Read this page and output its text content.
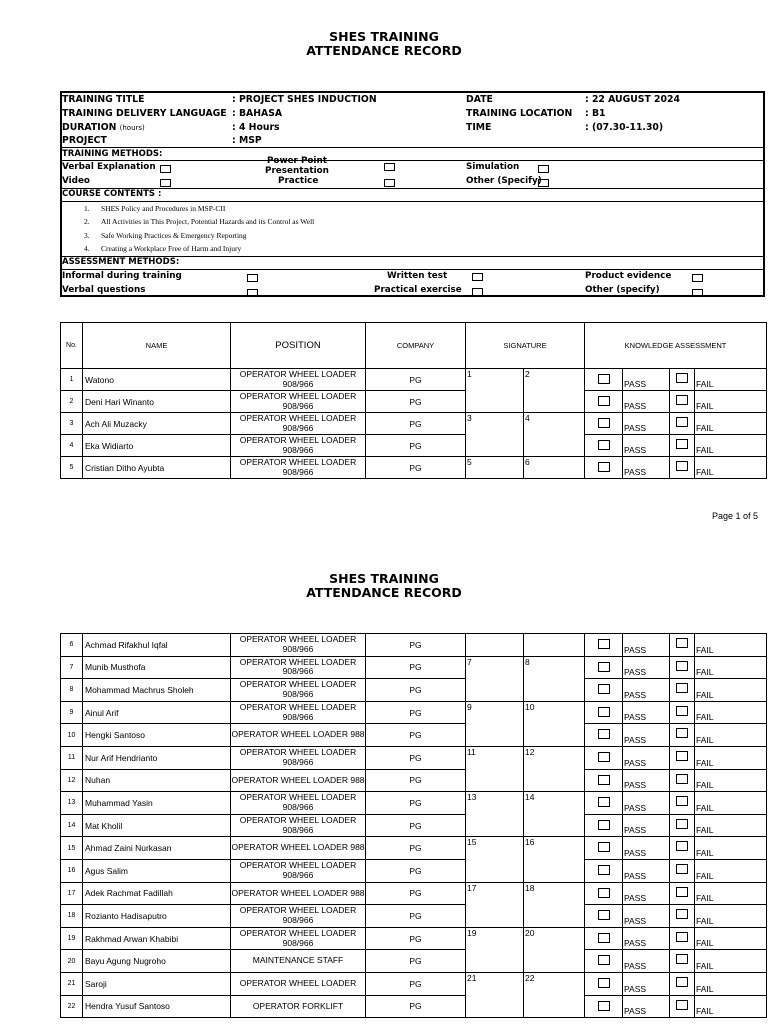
SHES TRAINING
ATTENDANCE RECORD
TRAINING TITLE	: PROJECT SHES INDUCTION	DATE	: 22 AUGUST 2024
TRAINING DELIVERY LANGUAGE : BAHASA	TRAINING LOCATION : B1
DURATION (hours)	: 4 Hours	TIME	: (07.30-11.30)
PROJECT	: MSP
TRAINING METHODS:
Verbal Explanation
Video
Power Point
Presentation
Practice
Simulation
Other (Specify)
COURSE CONTENTS :
1. SHES Policy and Procedures in MSP-CII
2. All Activities in This Project, Potential Hazards and its Control as Well
3. Safe Working Practices & Emergency Reporting
4. Creating a Workplace Free of Harm and Injury
ASSESSMENT METHODS:
Informal during training
Verbal questions
Written test
Practical exercise
Product evidence
Other (specify)
No.	NAME	POSITION	COMPANY	SIGNATURE		KNOWLEDGE ASSESSMENT			
1	Watono	OPERATOR WHEEL LOADER
908/966	PG	1	2		PASS		FAIL
2	Deni Hari Winanto	OPERATOR WHEEL LOADER
908/966	PG				PASS		FAIL
3	Ach Ali Muzacky	OPERATOR WHEEL LOADER
908/966	PG	3	4		PASS		FAIL
4	Eka Widiarto	OPERATOR WHEEL LOADER
908/966	PG				PASS		FAIL
5	Cristian Ditho Ayubta	OPERATOR WHEEL LOADER
908/966	PG	5	6		PASS		FAIL
Page 1 of 5
SHES TRAINING
ATTENDANCE RECORD
6	Achmad Rifakhul Iqfal	OPERATOR WHEEL LOADER
908/966	PG				PASS		FAIL
7	Munib Musthofa	OPERATOR WHEEL LOADER
908/966	PG	7	8		PASS		FAIL
8	Mohammad Machrus Sholeh	OPERATOR WHEEL LOADER
908/966	PG				PASS		FAIL
9	Ainul Arif	OPERATOR WHEEL LOADER
908/966	PG	9	10		PASS		FAIL
10	Hengki Santoso	OPERATOR WHEEL LOADER 988	PG				PASS		FAIL
11	Nur Arif Hendrianto	OPERATOR WHEEL LOADER
908/966	PG	11	12		PASS		FAIL
12	Nuhan	OPERATOR WHEEL LOADER 988	PG				PASS		FAIL
13	Muhammad Yasin	OPERATOR WHEEL LOADER
908/966	PG	13	14		PASS		FAIL
14	Mat Kholil	OPERATOR WHEEL LOADER
908/966	PG				PASS		FAIL
15	Ahmad Zaini Nurkasan	OPERATOR WHEEL LOADER 988	PG	15	16		PASS		FAIL
16	Agus Salim	OPERATOR WHEEL LOADER
908/966	PG				PASS		FAIL
17	Adek Rachmat Fadillah	OPERATOR WHEEL LOADER 988	PG	17	18		PASS		FAIL
18	Rozianto Hadisaputro	OPERATOR WHEEL LOADER
908/966	PG				PASS		FAIL
19	Rakhmad Arwan Khabibi	OPERATOR WHEEL LOADER
908/966	PG	19	20		PASS		FAIL
20	Bayu Agung Nugroho	MAINTENANCE STAFF	PG				PASS		FAIL
21	Saroji	OPERATOR WHEEL LOADER	PG	21	22		PASS		FAIL
22	Hendra Yusuf Santoso	OPERATOR FORKLIFT	PG				PASS		FAIL
